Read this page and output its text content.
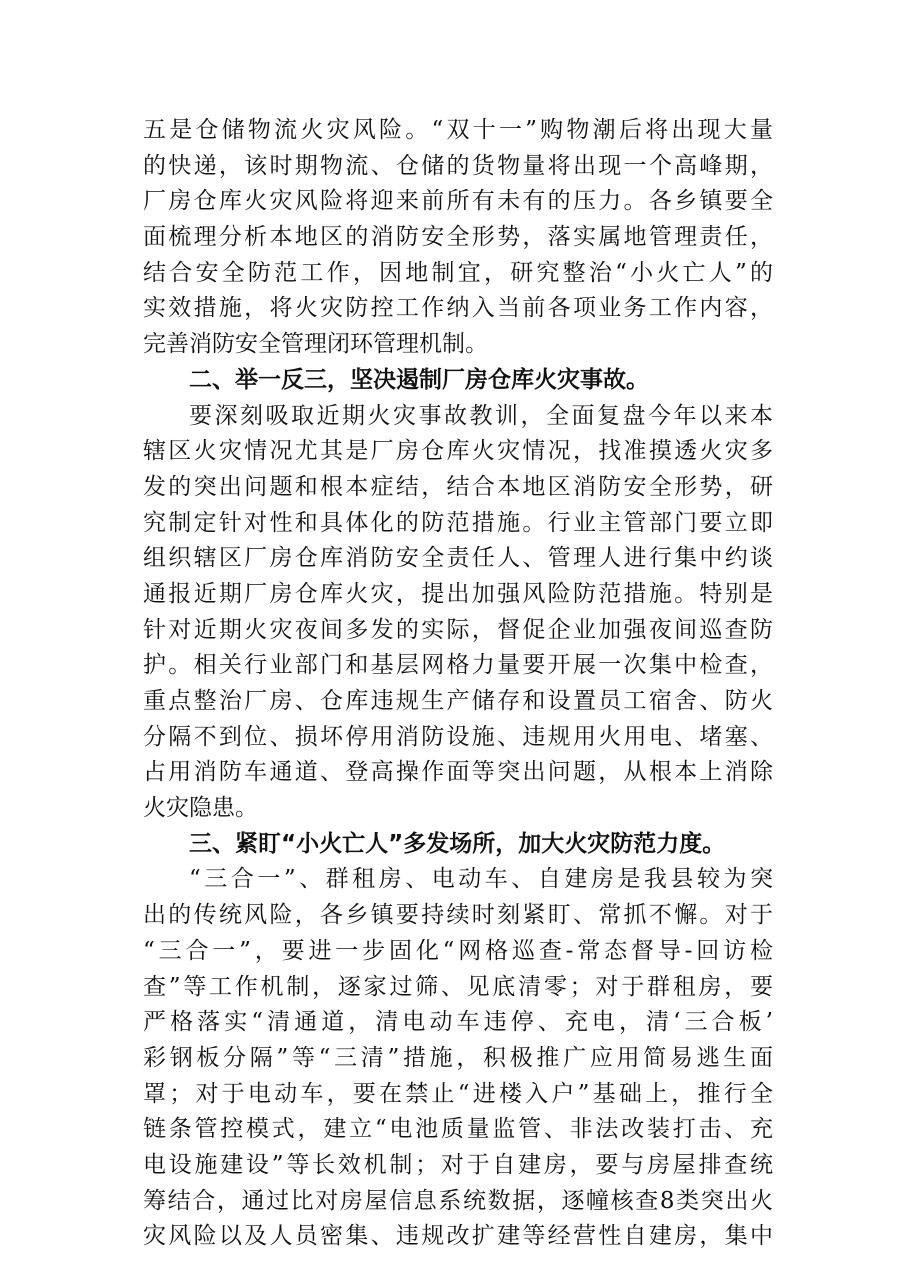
五是仓储物流火灾风险。“双十一”购物潮后将出现大量
的快递，该时期物流、仓储的货物量将出现一个高峰期，
厂房仓库火灾风险将迎来前所有未有的压力。各乡镇要全
面梳理分析本地区的消防安全形势，落实属地管理责任，
结合安全防范工作，因地制宜，研究整治“小火亡人”的
实效措施，将火灾防控工作纳入当前各项业务工作内容，
完善消防安全管理闭环管理机制。
二、举一反三，坚决遏制厂房仓库火灾事故。
要深刻吸取近期火灾事故教训，全面复盘今年以来本
辖区火灾情况尤其是厂房仓库火灾情况，找准摸透火灾多
发的突出问题和根本症结，结合本地区消防安全形势，研
究制定针对性和具体化的防范措施。行业主管部门要立即
组织辖区厂房仓库消防安全责任人、管理人进行集中约谈
通报近期厂房仓库火灾，提出加强风险防范措施。特别是
针对近期火灾夜间多发的实际，督促企业加强夜间巡查防
护。相关行业部门和基层网格力量要开展一次集中检查，
重点整治厂房、仓库违规生产储存和设置员工宿舍、防火
分隔不到位、损坏停用消防设施、违规用火用电、堵塞、
占用消防车通道、登高操作面等突出问题，从根本上消除
火灾隐患。
三、紧盯“小火亡人”多发场所，加大火灾防范力度。
“三合一”、群租房、电动车、自建房是我县较为突
出的传统风险，各乡镇要持续时刻紧盯、常抓不懈。对于
“三合一”，要进一步固化“网格巡查-常态督导-回访检
查”等工作机制，逐家过筛、见底清零；对于群租房，要
严格落实“清通道，清电动车违停、充电，清‘三合板’
彩钢板分隔”等“三清”措施，积极推广应用简易逃生面
罩；对于电动车，要在禁止“进楼入户”基础上，推行全
链条管控模式，建立“电池质量监管、非法改装打击、充
电设施建设”等长效机制；对于自建房，要与房屋排查统
筹结合，通过比对房屋信息系统数据，逐幢核查8类突出火
灾风险以及人员密集、违规改扩建等经营性自建房，集中
